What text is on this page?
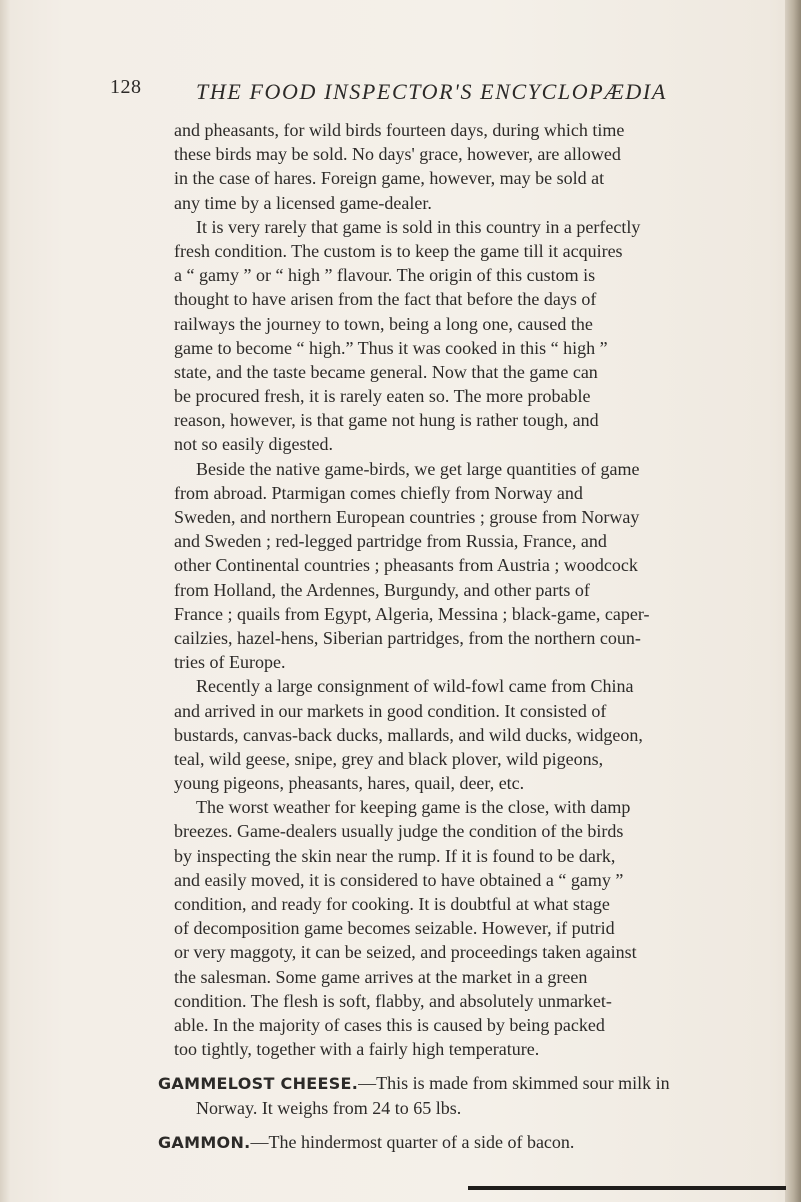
128 THE FOOD INSPECTOR'S ENCYCLOPÆDIA
and pheasants, for wild birds fourteen days, during which time
these birds may be sold. No days' grace, however, are allowed
in the case of hares. Foreign game, however, may be sold at
any time by a licensed game-dealer.
It is very rarely that game is sold in this country in a perfectly
fresh condition. The custom is to keep the game till it acquires
a “ gamy ” or “ high ” flavour. The origin of this custom is
thought to have arisen from the fact that before the days of
railways the journey to town, being a long one, caused the
game to become “ high.” Thus it was cooked in this “ high ”
state, and the taste became general. Now that the game can
be procured fresh, it is rarely eaten so. The more probable
reason, however, is that game not hung is rather tough, and
not so easily digested.
Beside the native game-birds, we get large quantities of game
from abroad. Ptarmigan comes chiefly from Norway and
Sweden, and northern European countries ; grouse from Norway
and Sweden ; red-legged partridge from Russia, France, and
other Continental countries ; pheasants from Austria ; woodcock
from Holland, the Ardennes, Burgundy, and other parts of
France ; quails from Egypt, Algeria, Messina ; black-game, caper-
cailzies, hazel-hens, Siberian partridges, from the northern coun-
tries of Europe.
Recently a large consignment of wild-fowl came from China
and arrived in our markets in good condition. It consisted of
bustards, canvas-back ducks, mallards, and wild ducks, widgeon,
teal, wild geese, snipe, grey and black plover, wild pigeons,
young pigeons, pheasants, hares, quail, deer, etc.
The worst weather for keeping game is the close, with damp
breezes. Game-dealers usually judge the condition of the birds
by inspecting the skin near the rump. If it is found to be dark,
and easily moved, it is considered to have obtained a “ gamy ”
condition, and ready for cooking. It is doubtful at what stage
of decomposition game becomes seizable. However, if putrid
or very maggoty, it can be seized, and proceedings taken against
the salesman. Some game arrives at the market in a green
condition. The flesh is soft, flabby, and absolutely unmarket-
able. In the majority of cases this is caused by being packed
too tightly, together with a fairly high temperature.
GAMMELOST CHEESE.—This is made from skimmed sour milk in
Norway. It weighs from 24 to 65 lbs.
GAMMON.—The hindermost quarter of a side of bacon.
